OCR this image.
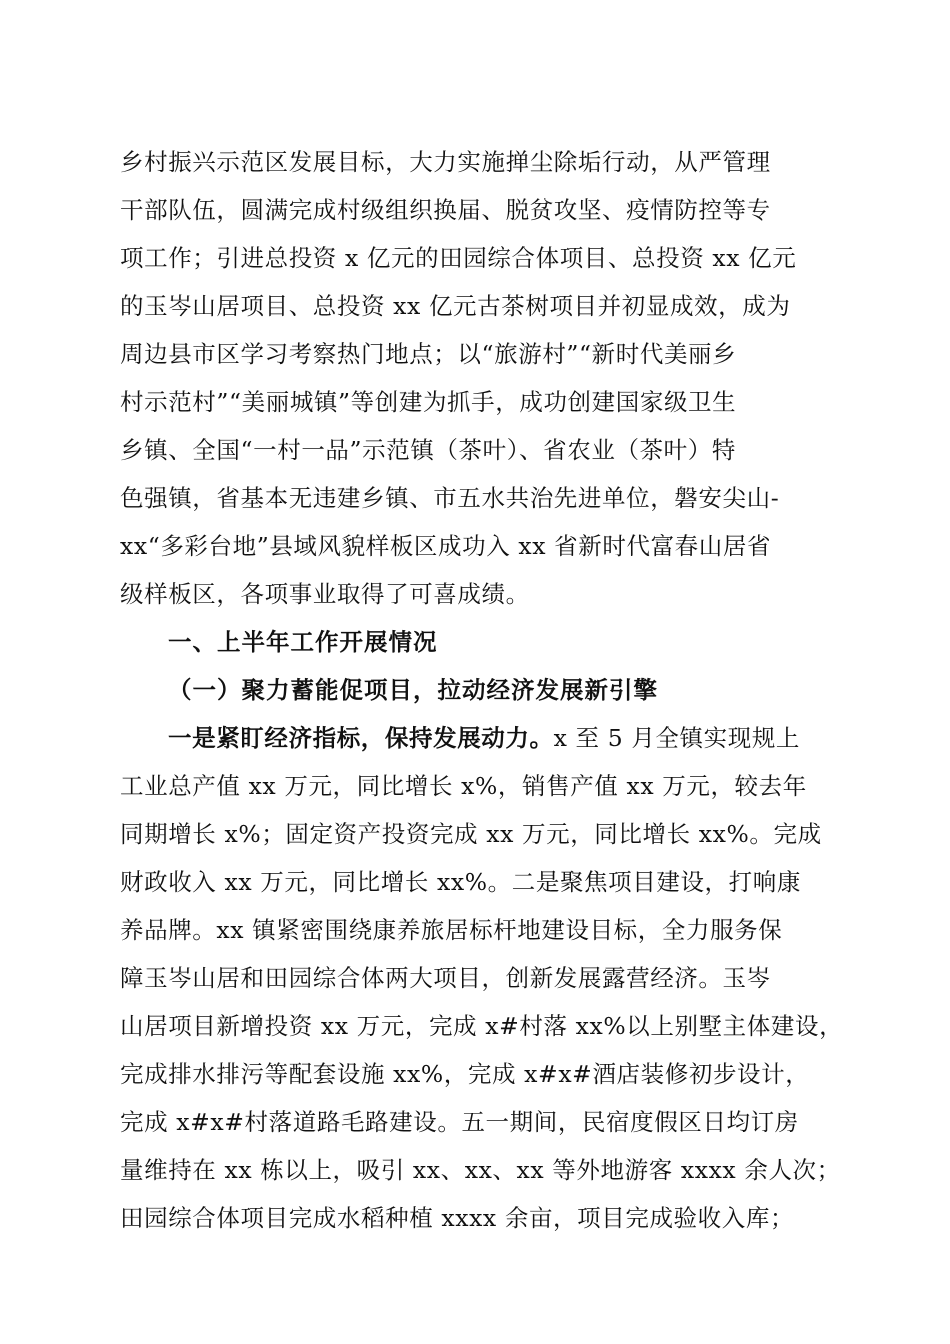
乡村振兴示范区发展目标，大力实施掸尘除垢行动，从严管理
干部队伍，圆满完成村级组织换届、脱贫攻坚、疫情防控等专
项工作；引进总投资 x 亿元的田园综合体项目、总投资 xx 亿元
的玉岑山居项目、总投资 xx 亿元古茶树项目并初显成效，成为
周边县市区学习考察热门地点；以“旅游村”“新时代美丽乡
村示范村”“美丽城镇”等创建为抓手，成功创建国家级卫生
乡镇、全国“一村一品”示范镇（茶叶）、省农业（茶叶）特
色强镇，省基本无违建乡镇、市五水共治先进单位，磐安尖山-
xx“多彩台地”县域风貌样板区成功入 xx 省新时代富春山居省
级样板区，各项事业取得了可喜成绩。
一、上半年工作开展情况
（一）聚力蓄能促项目，拉动经济发展新引擎
一是紧盯经济指标，保持发展动力。x 至 5 月全镇实现规上
工业总产值 xx 万元，同比增长 x%，销售产值 xx 万元，较去年
同期增长 x%；固定资产投资完成 xx 万元，同比增长 xx%。完成
财政收入 xx 万元，同比增长 xx%。二是聚焦项目建设，打响康
养品牌。xx 镇紧密围绕康养旅居标杆地建设目标，全力服务保
障玉岑山居和田园综合体两大项目，创新发展露营经济。玉岑
山居项目新增投资 xx 万元，完成 x#村落 xx%以上别墅主体建设，
完成排水排污等配套设施 xx%，完成 x#x#酒店装修初步设计，
完成 x#x#村落道路毛路建设。五一期间，民宿度假区日均订房
量维持在 xx 栋以上，吸引 xx、xx、xx 等外地游客 xxxx 余人次；
田园综合体项目完成水稻种植 xxxx 余亩，项目完成验收入库；
